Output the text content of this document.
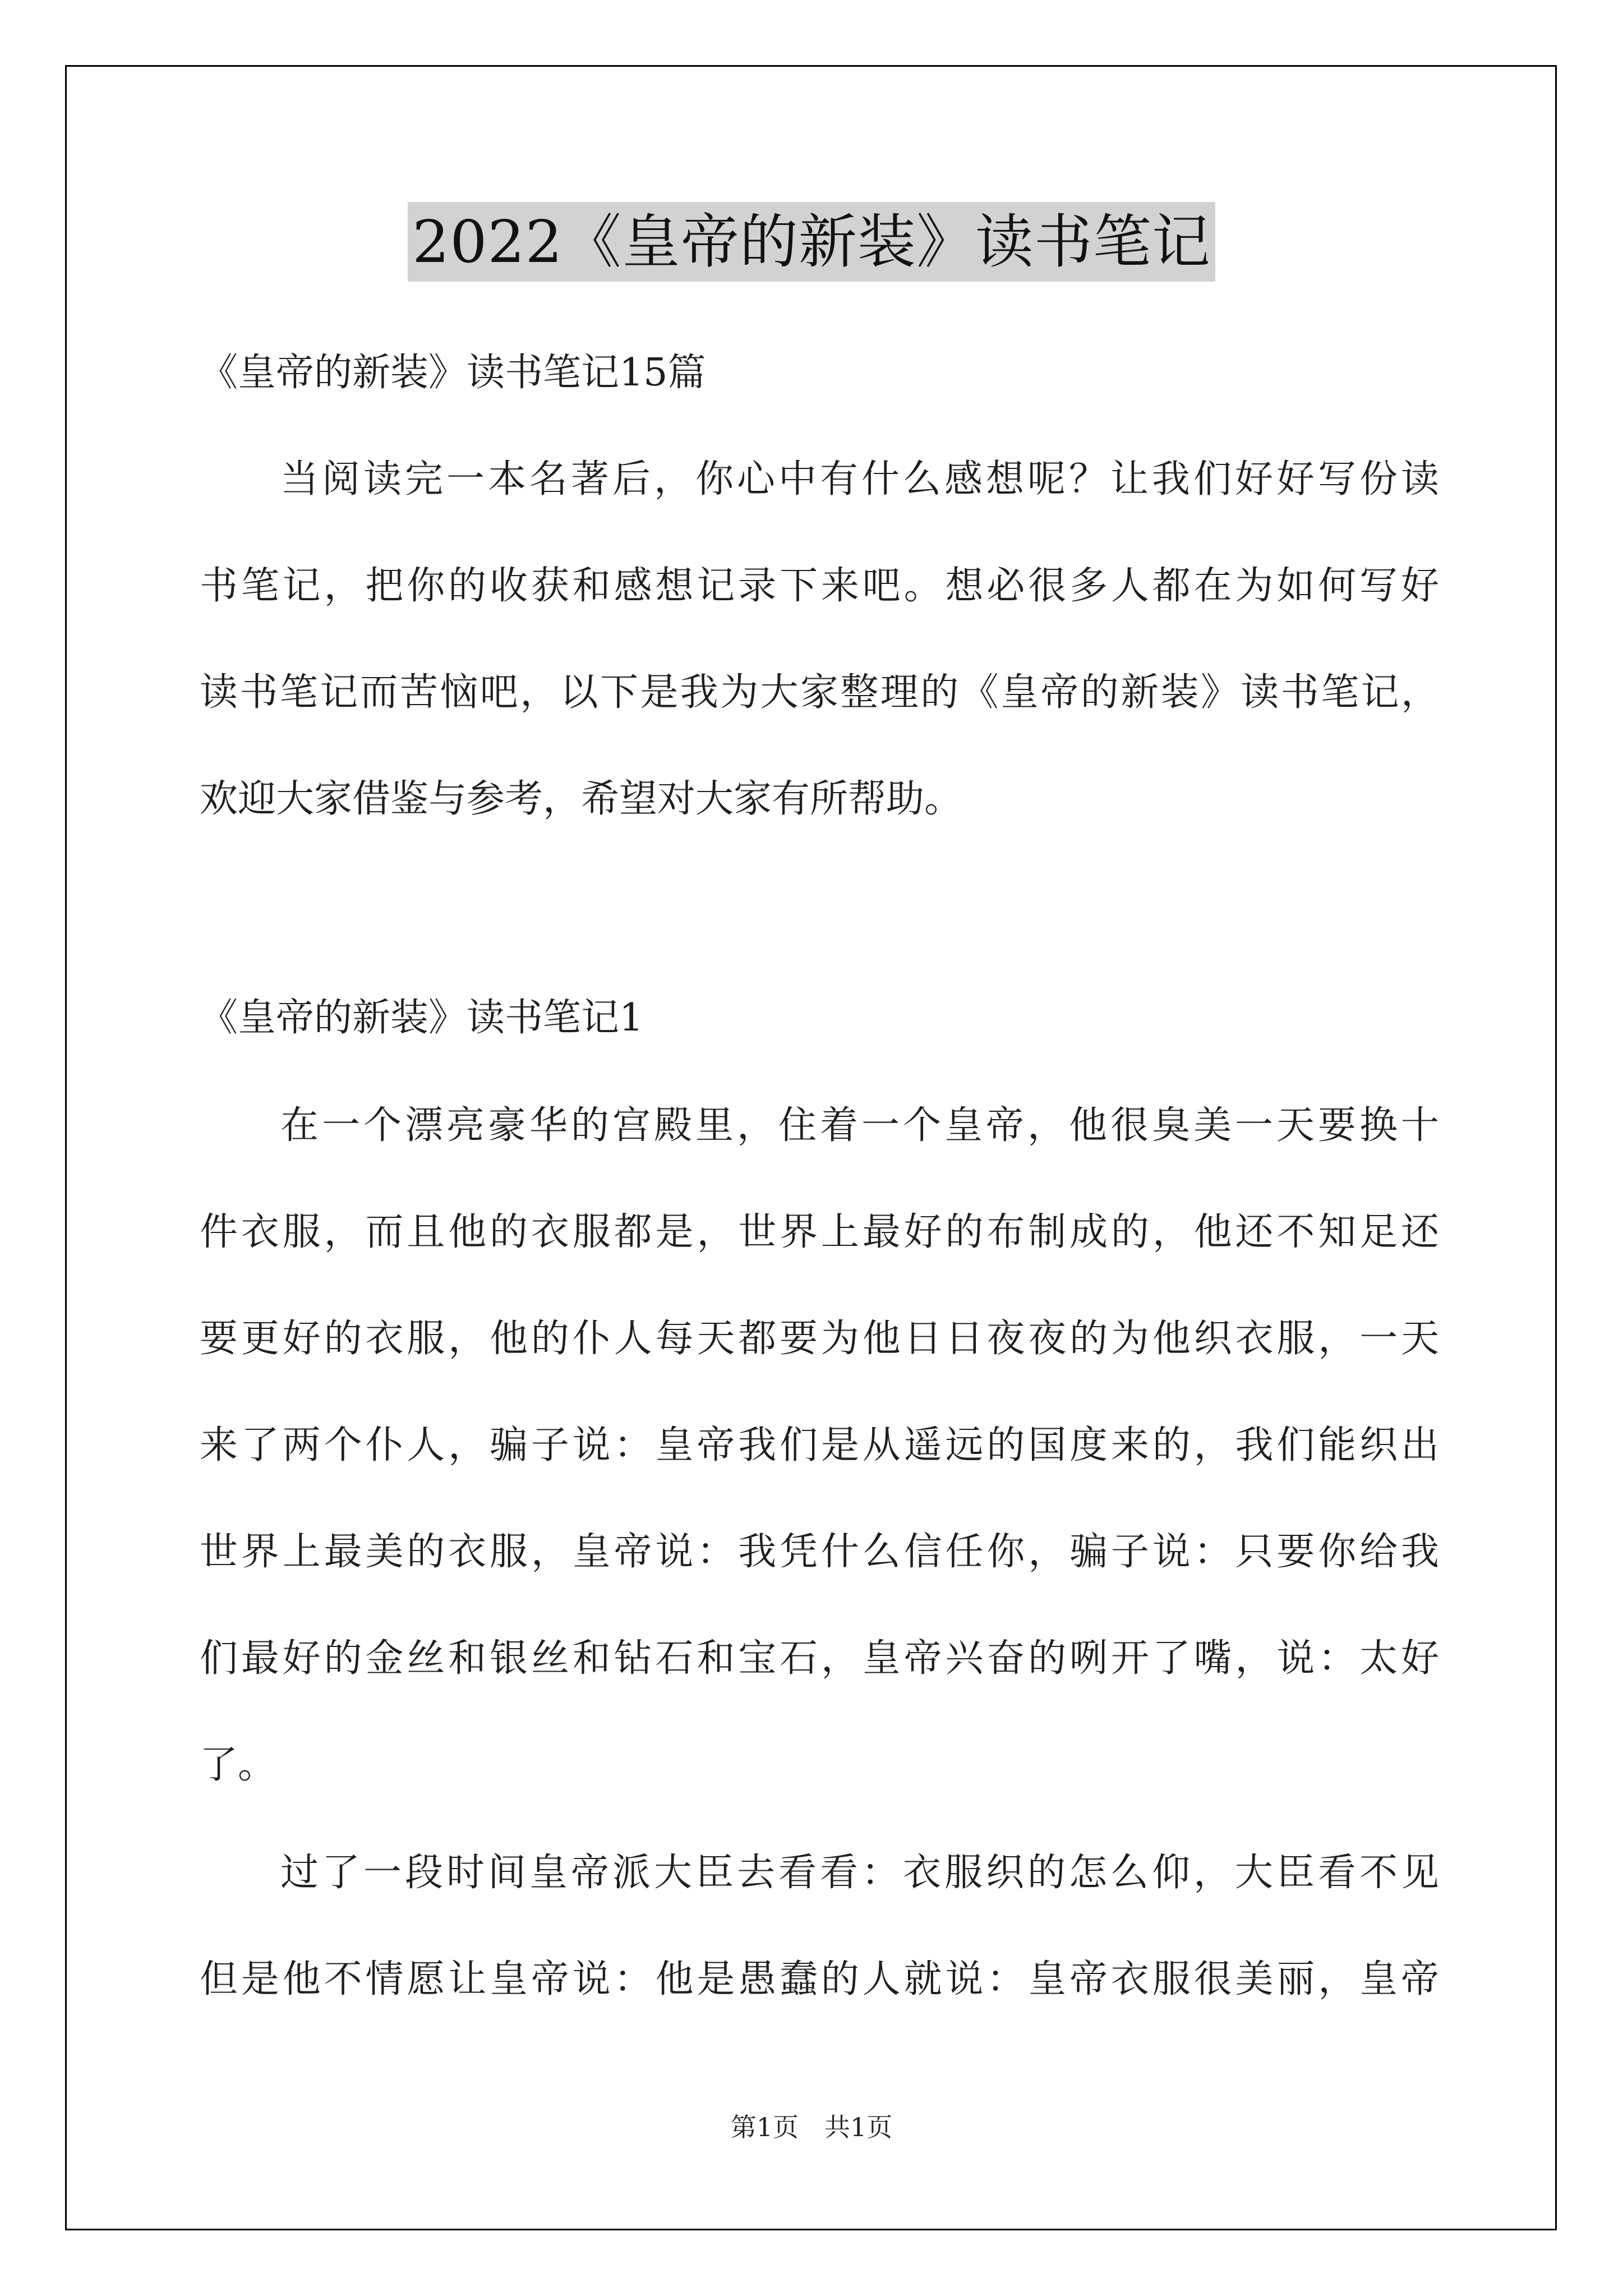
2022《皇帝的新装》读书笔记
《皇帝的新装》读书笔记15篇
当阅读完一本名著后，你心中有什么感想呢？让我们好好写份读
书笔记，把你的收获和感想记录下来吧。想必很多人都在为如何写好
读书笔记而苦恼吧，以下是我为大家整理的《皇帝的新装》读书笔记，
欢迎大家借鉴与参考，希望对大家有所帮助。
《皇帝的新装》读书笔记1
在一个漂亮豪华的宫殿里，住着一个皇帝，他很臭美一天要换十
件衣服，而且他的衣服都是，世界上最好的布制成的，他还不知足还
要更好的衣服，他的仆人每天都要为他日日夜夜的为他织衣服，一天
来了两个仆人，骗子说：皇帝我们是从遥远的国度来的，我们能织出
世界上最美的衣服，皇帝说：我凭什么信任你，骗子说：只要你给我
们最好的金丝和银丝和钻石和宝石，皇帝兴奋的咧开了嘴，说：太好
了。
过了一段时间皇帝派大臣去看看：衣服织的怎么仰，大臣看不见
但是他不情愿让皇帝说：他是愚蠢的人就说：皇帝衣服很美丽，皇帝
第1页　共1页
